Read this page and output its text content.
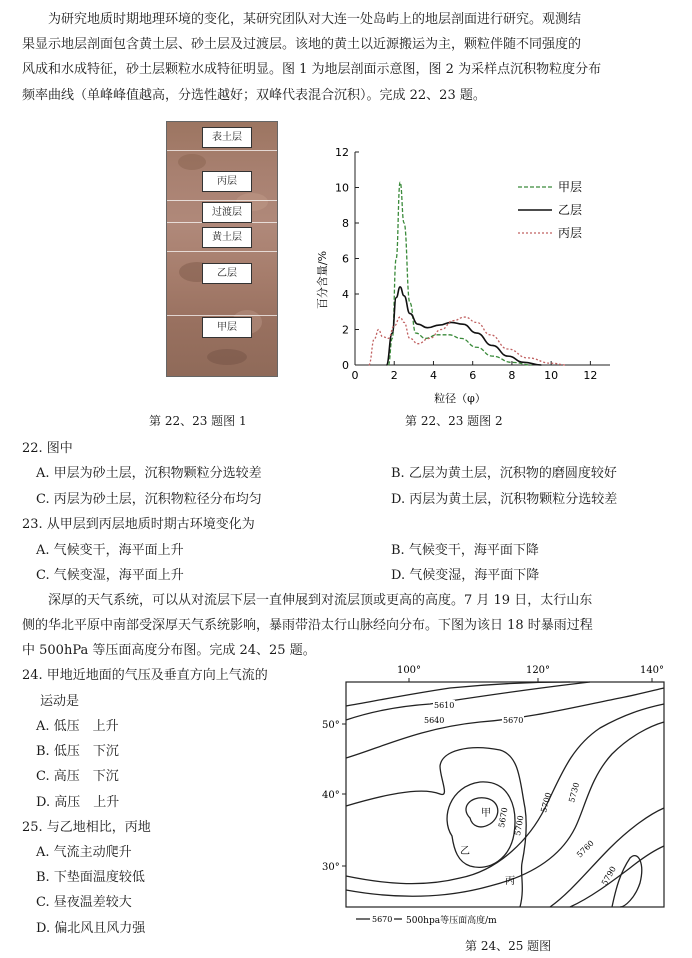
为研究地质时期地理环境的变化，某研究团队对大连一处岛屿上的地层剖面进行研究。观测结
果显示地层剖面包含黄土层、砂土层及过渡层。该地的黄土以近源搬运为主，颗粒伴随不同强度的
风成和水成特征，砂土层颗粒水成特征明显。图 1 为地层剖面示意图，图 2 为采样点沉积物粒度分布
频率曲线（单峰峰值越高，分选性越好；双峰代表混合沉积）。完成 22、23 题。
表土层
丙层
过渡层
黄土层
乙层
甲层
0	2	4	6	8	10 12
0
2
4
6
8
10
12
甲层
乙层
丙层
百分含量/%
粒径（φ）
第 22、23 题图 1	第 22、23 题图 2
22. 图中
A. 甲层为砂土层，沉积物颗粒分选较差	B. 乙层为黄土层，沉积物的磨圆度较好
C. 丙层为砂土层，沉积物粒径分布均匀	D. 丙层为黄土层，沉积物颗粒分选较差
23. 从甲层到丙层地质时期古环境变化为
A. 气候变干，海平面上升	B. 气候变干，海平面下降
C. 气候变湿，海平面上升	D. 气候变湿，海平面下降
深厚的天气系统，可以从对流层下层一直伸展到对流层顶或更高的高度。7 月 19 日，太行山东
侧的华北平原中南部受深厚天气系统影响，暴雨带沿太行山脉经向分布。下图为该日 18 时暴雨过程
中 500hPa 等压面高度分布图。完成 24、25 题。
24. 甲地近地面的气压及垂直方向上气流的
运动是
A. 低压　上升
B. 低压　下沉
C. 高压　下沉
D. 高压　上升
25. 与乙地相比，丙地
A. 气流主动爬升
B. 下垫面温度较低
C. 昼夜温差较大
D. 偏北风且风力强
100°	120°	140°
50°
40°
30°
5610
5640	5670
5700 5730
5760
5790
5670 5700
甲
乙
丙
5670 500hpa等压面高度/m
第 24、25 题图
